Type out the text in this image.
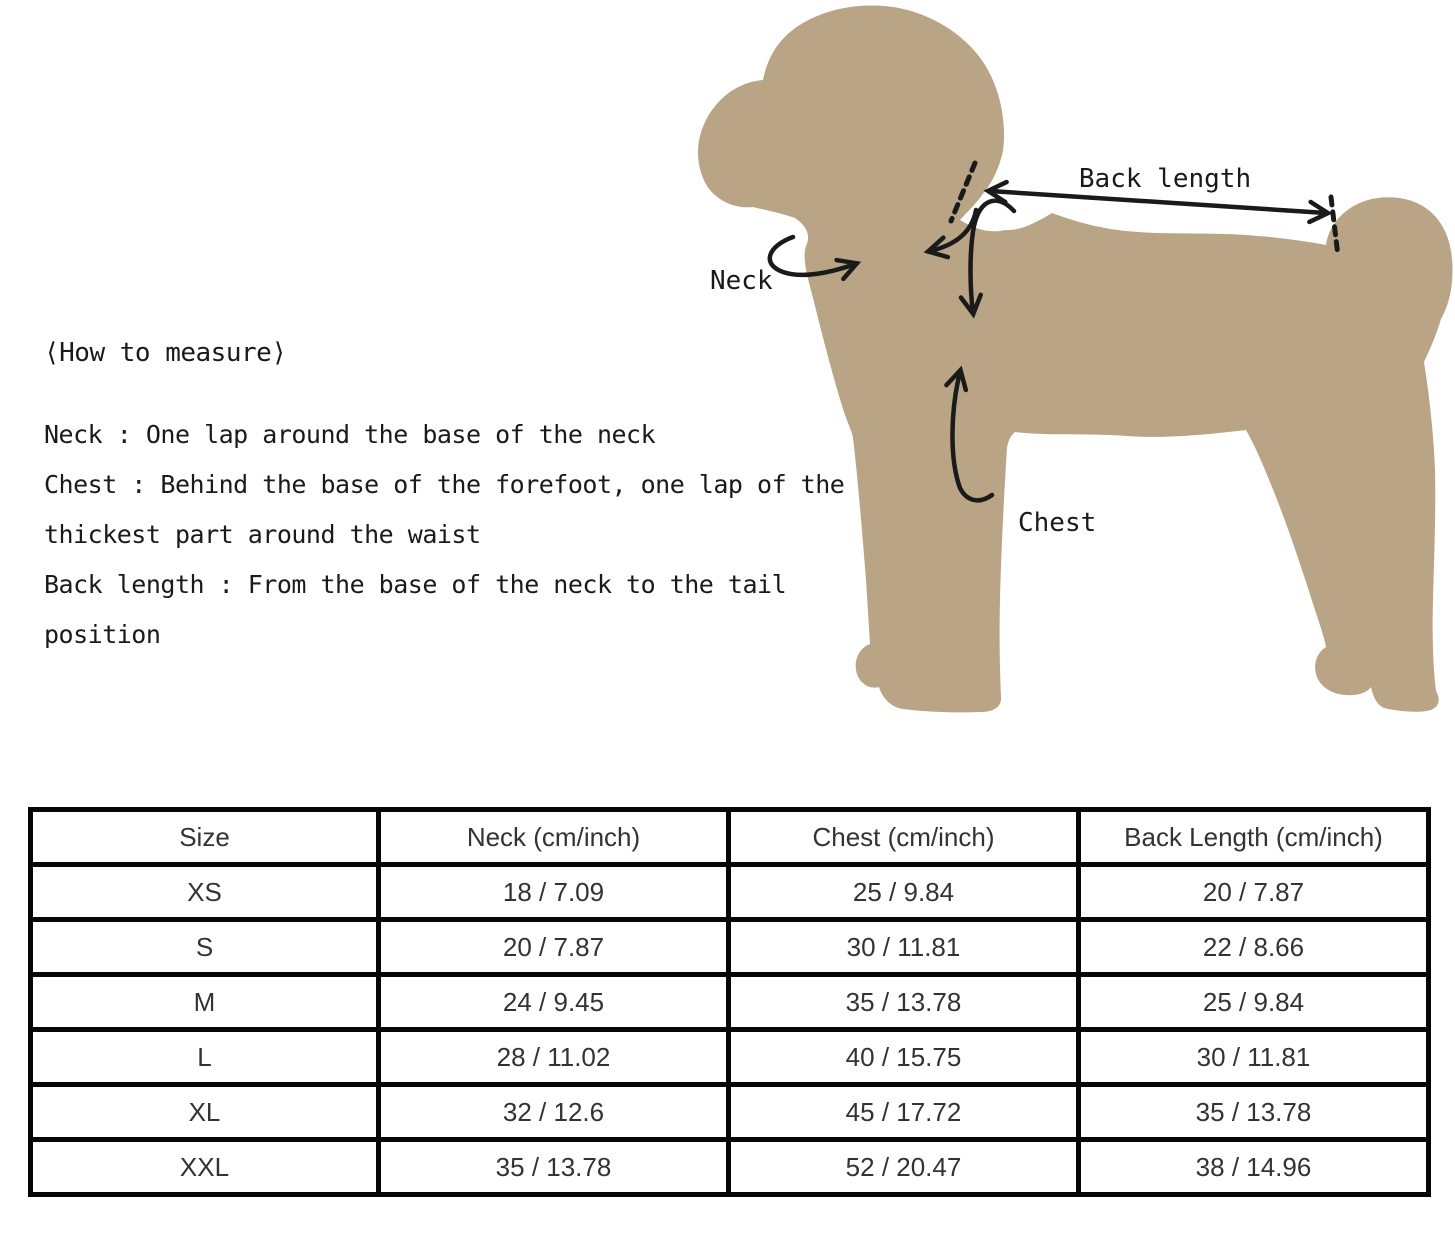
Back length
Neck
Chest
⟨How to measure⟩
Neck : One lap around the base of the neck
Chest : Behind the base of the forefoot, one lap of the
thickest part around the waist
Back length : From the base of the neck to the tail
position
Size	Neck (cm/inch)	Chest (cm/inch)	Back Length (cm/inch)
XS	18 / 7.09	25 / 9.84	20 / 7.87
S	20 / 7.87	30 / 11.81	22 / 8.66
M	24 / 9.45	35 / 13.78	25 / 9.84
L	28 / 11.02	40 / 15.75	30 / 11.81
XL	32 / 12.6	45 / 17.72	35 / 13.78
XXL	35 / 13.78	52 / 20.47	38 / 14.96
